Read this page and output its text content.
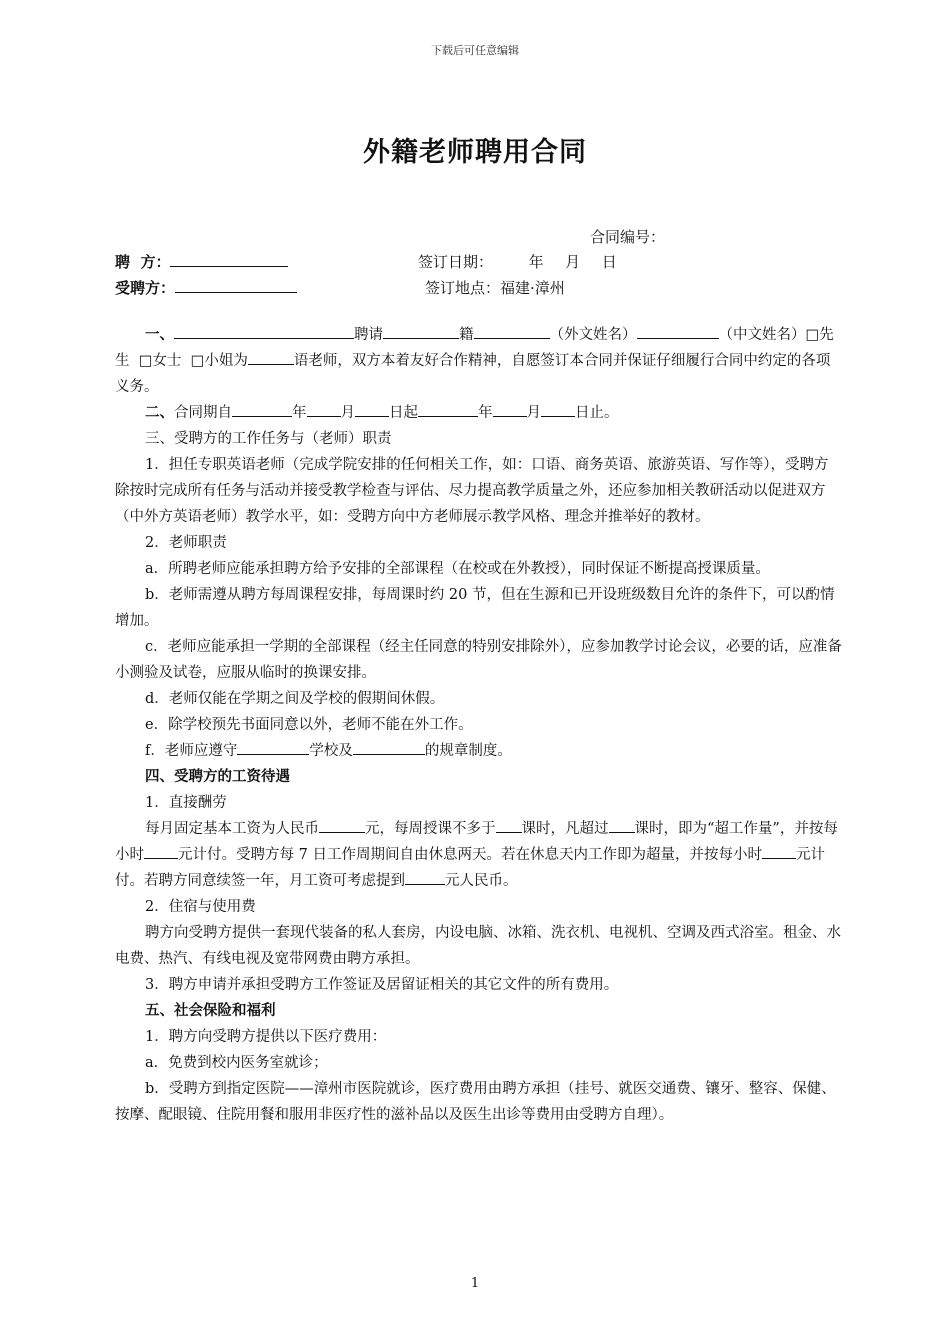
下载后可任意编辑
外籍老师聘用合同
合同编号：
聘  方：	签订日期： 年 月 日
受聘方：	签订地点：福建·漳州

一、	聘请	籍	（外文姓名）	（中文姓名）□先生  □女士  □小姐为	语老师，双方本着友好合作精神，自愿签订本合同并保证仔细履行合同中约定的各项义务。

二、合同期自	年 月 日起	年 月 日止。

三、受聘方的工作任务与（老师）职责

1．担任专职英语老师（完成学院安排的任何相关工作，如：口语、商务英语、旅游英语、写作等），受聘方除按时完成所有任务与活动并接受教学检查与评估、尽力提高教学质量之外，还应参加相关教研活动以促进双方（中外方英语老师）教学水平，如：受聘方向中方老师展示教学风格、理念并推举好的教材。

2．老师职责

a．所聘老师应能承担聘方给予安排的全部课程（在校或在外教授），同时保证不断提高授课质量。

b．老师需遵从聘方每周课程安排，每周课时约 20 节，但在生源和已开设班级数目允许的条件下，可以酌情增加。

c．老师应能承担一学期的全部课程（经主任同意的特别安排除外），应参加教学讨论会议，必要的话，应准备小测验及试卷，应服从临时的换课安排。

d．老师仅能在学期之间及学校的假期间休假。

e．除学校预先书面同意以外，老师不能在外工作。

f．老师应遵守	学校及	的规章制度。

四、受聘方的工资待遇

1．直接酬劳

每月固定基本工资为人民币	元，每周授课不多于 课时，凡超过 课时，即为“超工作量”，并按每小时 元计付。受聘方每 7 日工作周期间自由休息两天。若在休息天内工作即为超量，并按每小时 元计付。若聘方同意续签一年，月工资可考虑提到	元人民币。

2．住宿与使用费

聘方向受聘方提供一套现代装备的私人套房，内设电脑、冰箱、洗衣机、电视机、空调及西式浴室。租金、水电费、热汽、有线电视及宽带网费由聘方承担。

3．聘方申请并承担受聘方工作签证及居留证相关的其它文件的所有费用。

五、社会保险和福利

1．聘方向受聘方提供以下医疗费用：

a．免费到校内医务室就诊；

b．受聘方到指定医院——漳州市医院就诊，医疗费用由聘方承担（挂号、就医交通费、镶牙、整容、保健、按摩、配眼镜、住院用餐和服用非医疗性的滋补品以及医生出诊等费用由受聘方自理）。

1
